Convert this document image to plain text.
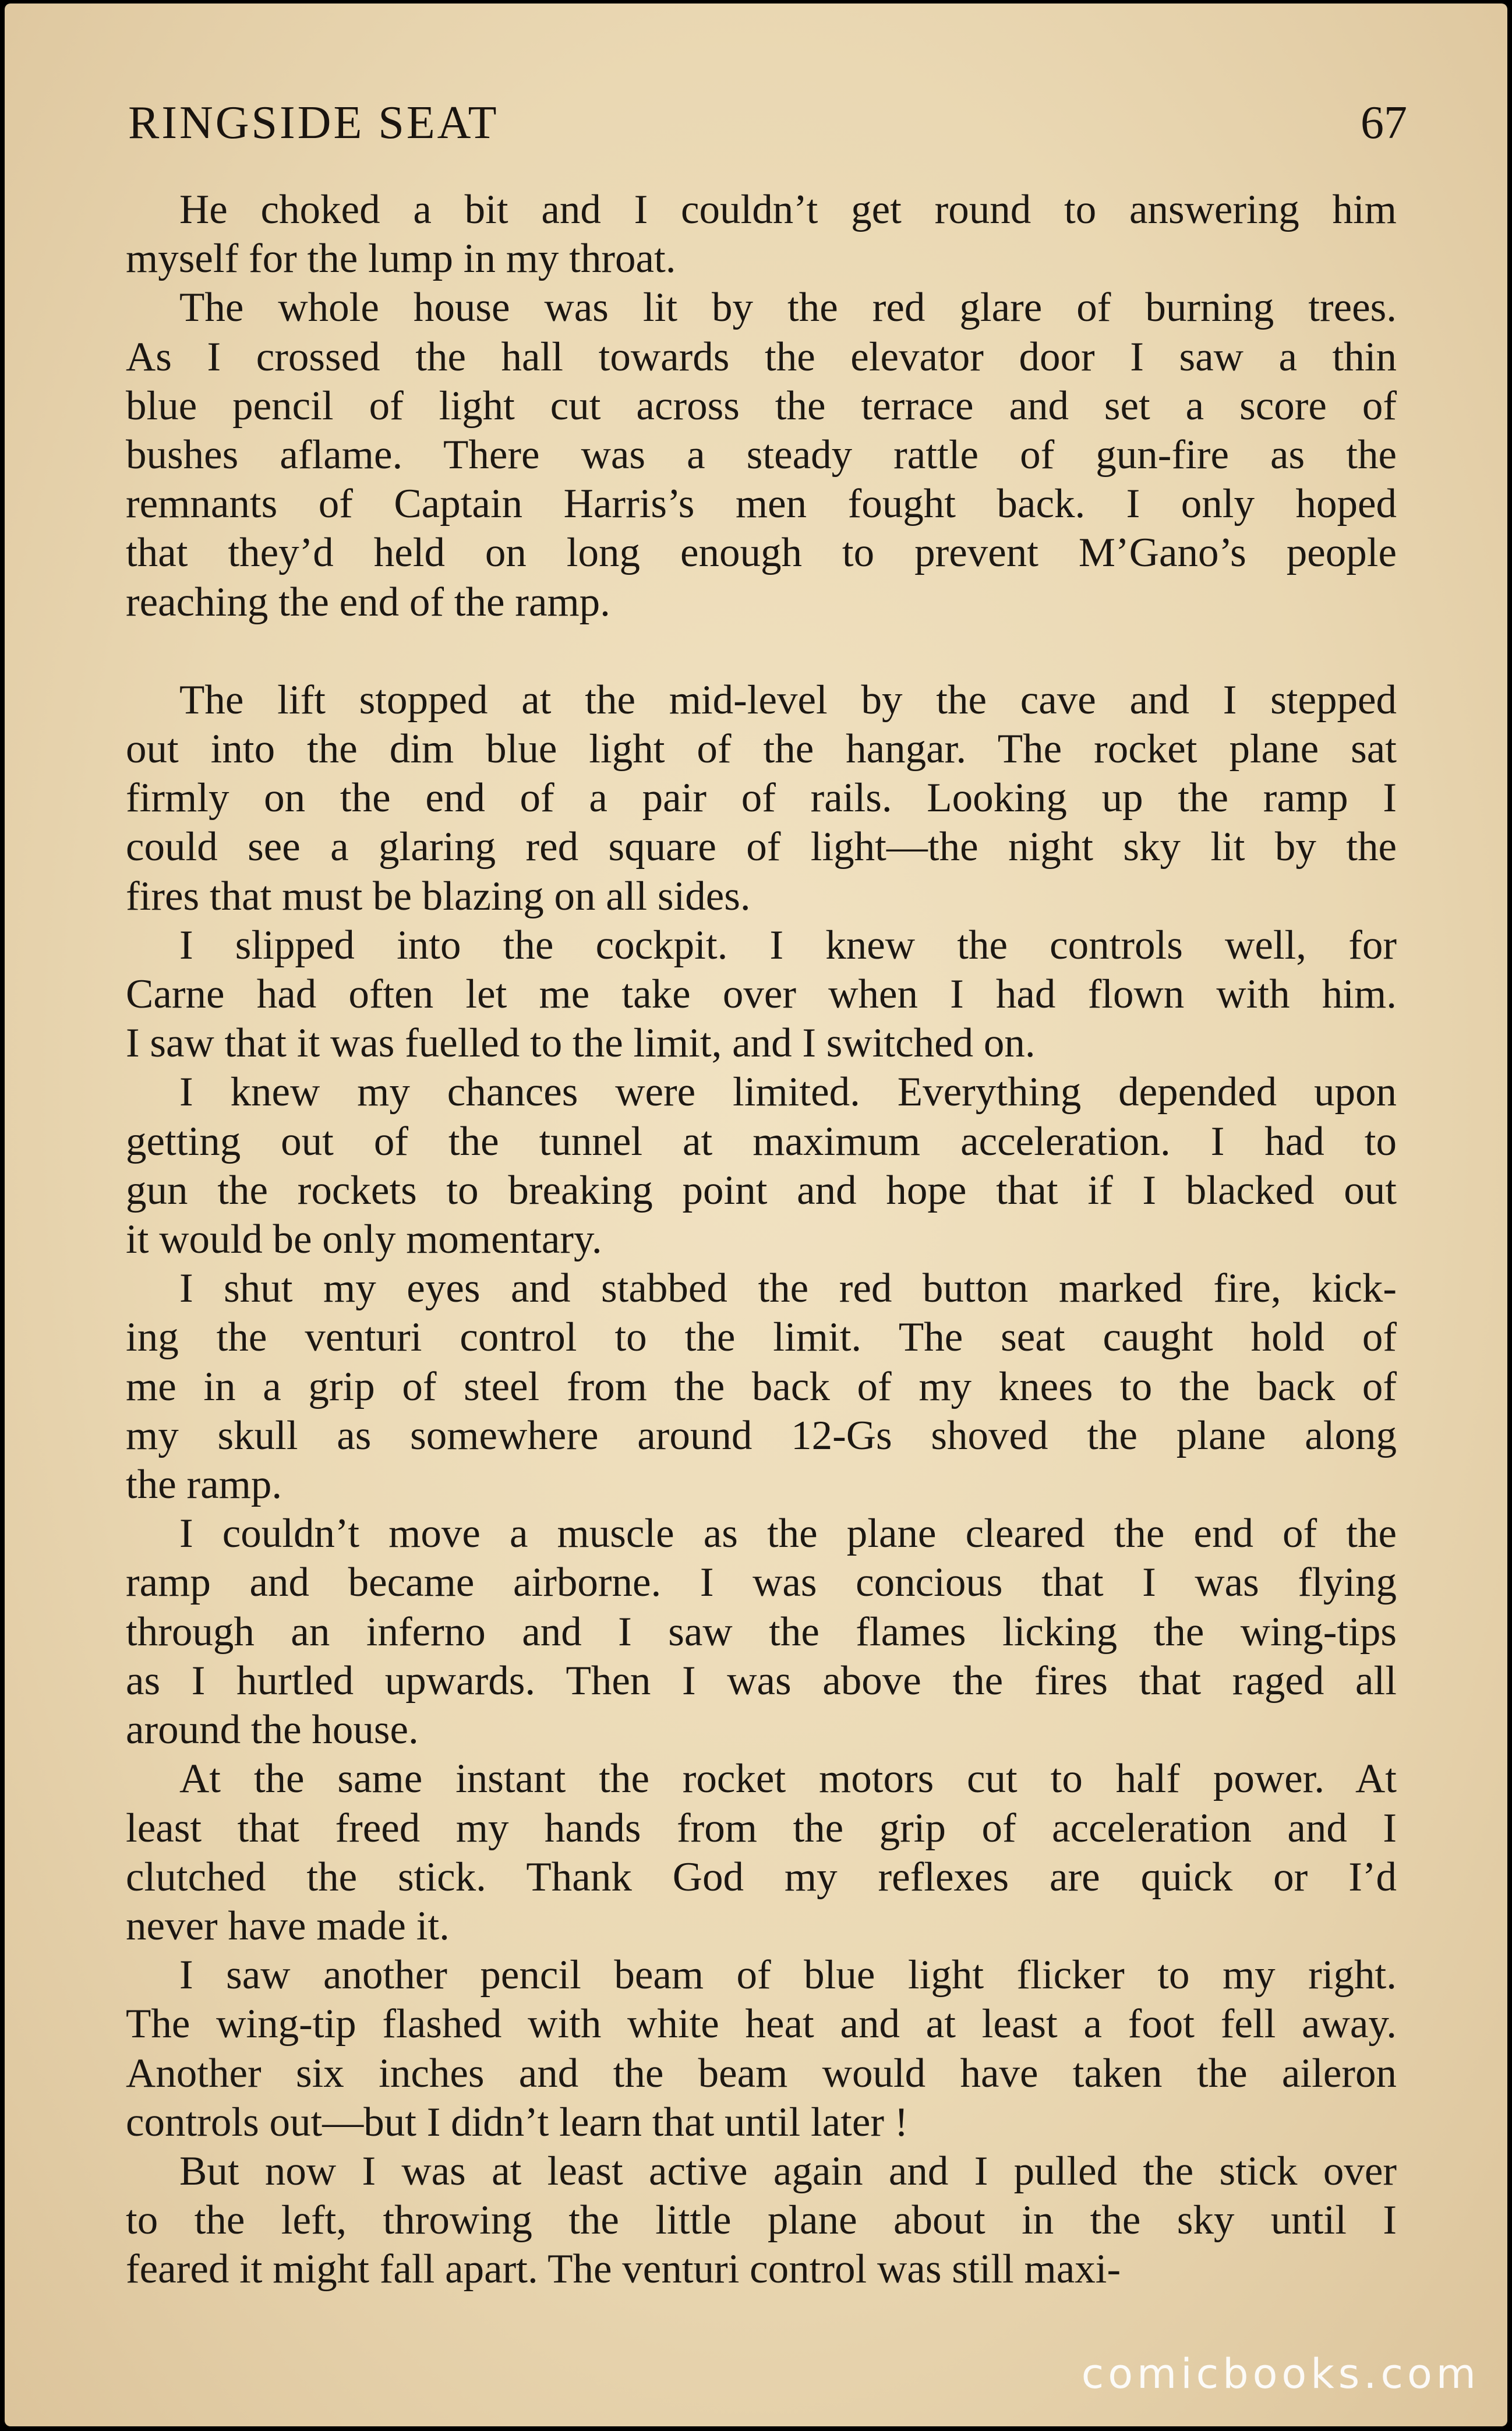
RINGSIDE SEAT	67
He choked a bit and I couldn’t get round to answering him
myself for the lump in my throat.
The whole house was lit by the red glare of burning trees.
As I crossed the hall towards the elevator door I saw a thin
blue pencil of light cut across the terrace and set a score of
bushes aflame. There was a steady rattle of gun-fire as the
remnants of Captain Harris’s men fought back. I only hoped
that they’d held on long enough to prevent M’Gano’s people
reaching the end of the ramp.
The lift stopped at the mid-level by the cave and I stepped
out into the dim blue light of the hangar. The rocket plane sat
firmly on the end of a pair of rails. Looking up the ramp I
could see a glaring red square of light—the night sky lit by the
fires that must be blazing on all sides.
I slipped into the cockpit. I knew the controls well, for
Carne had often let me take over when I had flown with him.
I saw that it was fuelled to the limit, and I switched on.
I knew my chances were limited. Everything depended upon
getting out of the tunnel at maximum acceleration. I had to
gun the rockets to breaking point and hope that if I blacked out
it would be only momentary.
I shut my eyes and stabbed the red button marked fire, kick-
ing the venturi control to the limit. The seat caught hold of
me in a grip of steel from the back of my knees to the back of
my skull as somewhere around 12-Gs shoved the plane along
the ramp.
I couldn’t move a muscle as the plane cleared the end of the
ramp and became airborne. I was concious that I was flying
through an inferno and I saw the flames licking the wing-tips
as I hurtled upwards. Then I was above the fires that raged all
around the house.
At the same instant the rocket motors cut to half power. At
least that freed my hands from the grip of acceleration and I
clutched the stick. Thank God my reflexes are quick or I’d
never have made it.
I saw another pencil beam of blue light flicker to my right.
The wing-tip flashed with white heat and at least a foot fell away.
Another six inches and the beam would have taken the aileron
controls out—but I didn’t learn that until later !
But now I was at least active again and I pulled the stick over
to the left, throwing the little plane about in the sky until I
feared it might fall apart. The venturi control was still maxi-
comicbooks.com
